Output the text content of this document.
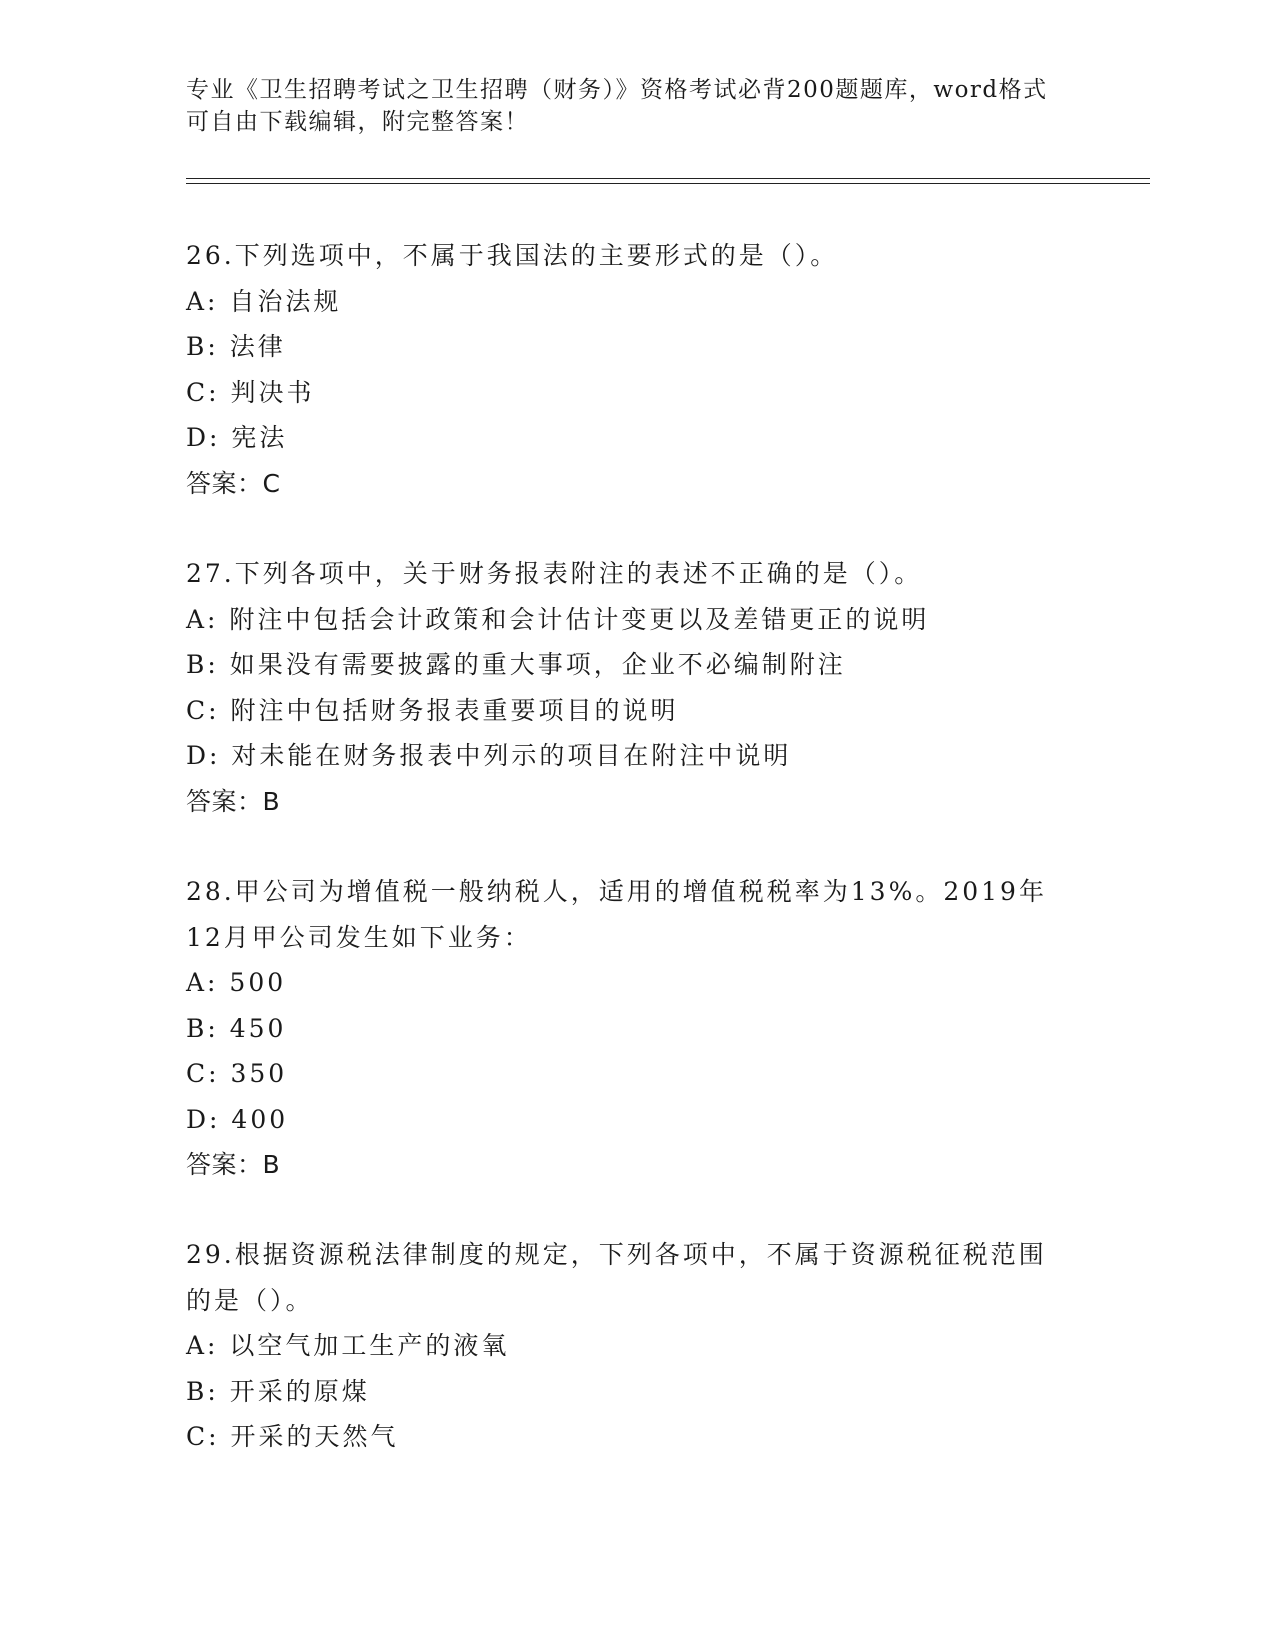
专业《卫生招聘考试之卫生招聘（财务）》资格考试必背200题题库，word格式
可自由下载编辑，附完整答案！
26.下列选项中，不属于我国法的主要形式的是（）。
A: 自治法规
B: 法律
C: 判决书
D: 宪法
答案：C
27.下列各项中，关于财务报表附注的表述不正确的是（）。
A: 附注中包括会计政策和会计估计变更以及差错更正的说明
B: 如果没有需要披露的重大事项，企业不必编制附注
C: 附注中包括财务报表重要项目的说明
D: 对未能在财务报表中列示的项目在附注中说明
答案：B
28.甲公司为增值税一般纳税人，适用的增值税税率为13%。2019年
12月甲公司发生如下业务：
A: 500
B: 450
C: 350
D: 400
答案：B
29.根据资源税法律制度的规定，下列各项中，不属于资源税征税范围
的是（）。
A: 以空气加工生产的液氧
B: 开采的原煤
C: 开采的天然气
